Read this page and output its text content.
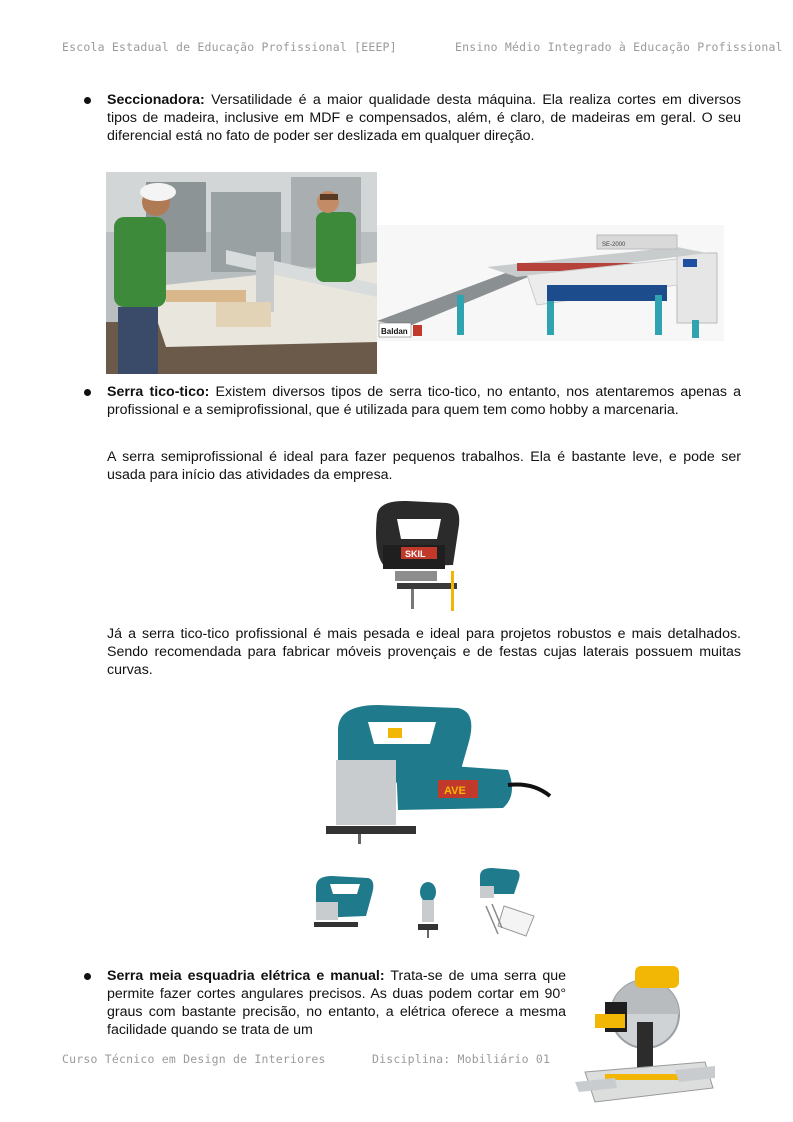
Escola Estadual de Educação Profissional [EEEP]	Ensino Médio Integrado à Educação Profissional
Seccionadora: Versatilidade é a maior qualidade desta máquina. Ela realiza cortes em diversos tipos de madeira, inclusive em MDF e compensados, além, é claro, de madeiras em geral. O seu diferencial está no fato de poder ser deslizada em qualquer direção.
Baldan
SE-2000
Serra tico-tico: Existem diversos tipos de serra tico-tico, no entanto, nos atentaremos apenas a profissional e a semiprofissional, que é utilizada para quem tem como hobby a marcenaria.
A serra semiprofissional é ideal para fazer pequenos trabalhos. Ela é bastante leve, e pode ser usada para início das atividades da empresa.
SKIL
Já a serra tico-tico profissional é mais pesada e ideal para projetos robustos e mais detalhados. Sendo recomendada para fabricar móveis provençais e de festas cujas laterais possuem muitas curvas.
AVE
Serra meia esquadria elétrica e manual: Trata-se de uma serra que permite fazer cortes angulares precisos. As duas podem cortar em 90° graus com bastante precisão, no entanto, a elétrica oferece a mesma facilidade quando se trata de um
Curso Técnico em Design de Interiores	Disciplina: Mobiliário 01
